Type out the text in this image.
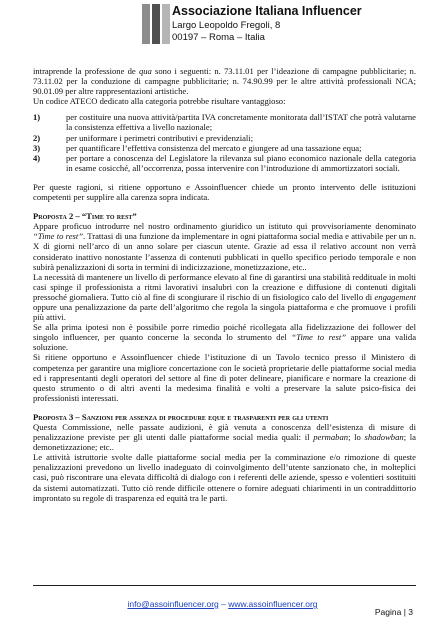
Associazione Italiana Influencer
Largo Leopoldo Fregoli, 8
00197 – Roma – Italia

intraprende la professione de qua sono i seguenti: n. 73.11.01 per l’ideazione di campagne pubblicitarie; n. 73.11.02 per la conduzione di campagne pubblicitarie; n. 74.90.99 per le altre attività professionali NCA; 90.01.09 per altre rappresentazioni artistiche.

Un codice ATECO dedicato alla categoria potrebbe risultare vantaggioso:

1)	per costituire una nuova attività/partita IVA concretamente monitorata dall’ISTAT che potrà valutarne la consistenza effettiva a livello nazionale;
2)	per uniformare i perimetri contributivi e previdenziali;
3)	per quantificare l’effettiva consistenza del mercato e giungere ad una tassazione equa;
4)	per portare a conoscenza del Legislatore la rilevanza sul piano economico nazionale della categoria in esame cosicché, all’occorrenza, possa intervenire con l’introduzione di ammortizzatori sociali.

Per queste ragioni, si ritiene opportuno e Assoinfluencer chiede un pronto intervento delle istituzioni competenti per supplire alla carenza sopra indicata.

Proposta 2 – “Time to rest”

Appare proficuo introdurre nel nostro ordinamento giuridico un istituto qui provvisoriamente denominato “Time to rest”. Trattasi di una funzione da implementare in ogni piattaforma social media e attivabile per un n. X di giorni nell’arco di un anno solare per ciascun utente. Grazie ad essa il relativo account non verrà considerato inattivo nonostante l’assenza di contenuti pubblicati in quello specifico periodo temporale e non subirà penalizzazioni di sorta in termini di indicizzazione, monetizzazione, etc..

La necessità di mantenere un livello di performance elevato al fine di garantirsi una stabilità reddituale in molti casi spinge il professionista a ritmi lavorativi insalubri con la creazione e diffusione di contenuti digitali pressoché giornaliera. Tutto ciò al fine di scongiurare il rischio di un fisiologico calo del livello di engagement oppure una penalizzazione da parte dell’algoritmo che regola la singola piattaforma e che promuove i profili più attivi.

Se alla prima ipotesi non è possibile porre rimedio poiché ricollegata alla fidelizzazione dei follower del singolo influencer, per quanto concerne la seconda lo strumento del “Time to rest” appare una valida soluzione.

Si ritiene opportuno e Assoinfluencer chiede l’istituzione di un Tavolo tecnico presso il Ministero di competenza per garantire una migliore concertazione con le società proprietarie delle piattaforme social media ed i rappresentanti degli operatori del settore al fine di poter delineare, pianificare e normare la creazione di questo strumento o di altri aventi la medesima finalità e volti a preservare la salute psico-fisica dei professionisti interessati.

Proposta 3 – Sanzioni per assenza di procedure eque e trasparenti per gli utenti

Questa Commissione, nelle passate audizioni, è già venuta a conoscenza dell’esistenza di misure di penalizzazione previste per gli utenti dalle piattaforme social media quali: il permaban; lo shadowban; la demonetizzazione; etc..

Le attività istruttorie svolte dalle piattaforme social media per la comminazione e/o rimozione di queste penalizzazioni prevedono un livello inadeguato di coinvolgimento dell’utente sanzionato che, in molteplici casi, può riscontrare una elevata difficoltà di dialogo con i referenti delle aziende, spesso e volentieri sostituiti da sistemi automatizzati. Tutto ciò rende difficile ottenere o fornire adeguati chiarimenti in un contraddittorio improntato su regole di trasparenza ed equità tra le parti.

info@assoinfluencer.org – www.assoinfluencer.org
Pagina | 3
